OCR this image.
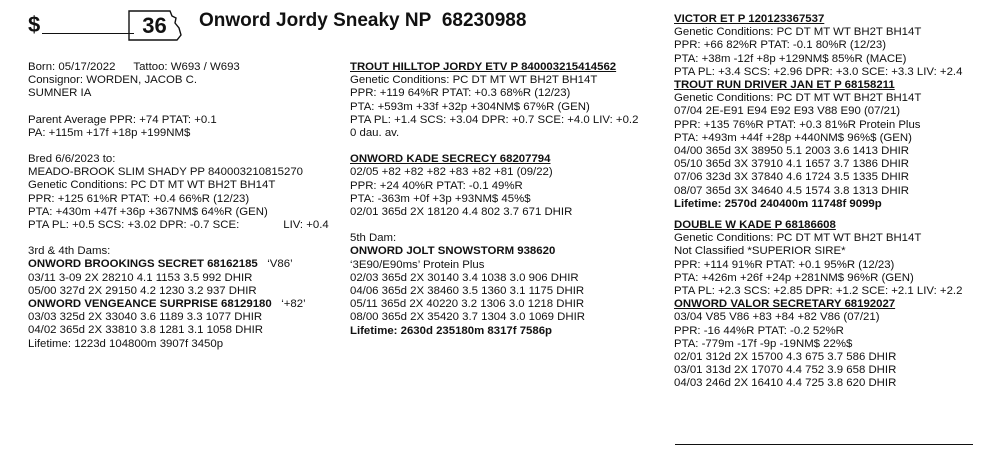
$	36	Onword Jordy Sneaky NP 68230988
Born: 05/17/2022 Tattoo: W693 / W693
Consignor: WORDEN, JACOB C.
SUMNER IA
Parent Average PPR: +74 PTAT: +0.1
PA: +115m +17f +18p +199NM$
Bred 6/6/2023 to:
MEADO-BROOK SLIM SHADY PP 840003210815270
Genetic Conditions: PC DT MT WT BH2T BH14T
PPR: +125 61%R PTAT: +0.4 66%R (12/23)
PTA: +430m +47f +36p +367NM$ 64%R (GEN)
PTA PL: +0.5 SCS: +3.02 DPR: -0.7 SCE:	LIV: +0.4
3rd & 4th Dams:
ONWORD BROOKINGS SECRET 68162185 ‘V86’
03/11 3-09 2X 28210 4.1 1153 3.5 992 DHIR
05/00 327d 2X 29150 4.2 1230 3.2 937 DHIR
ONWORD VENGEANCE SURPRISE 68129180 ‘+82’
03/03 325d 2X 33040 3.6 1189 3.3 1077 DHIR
04/02 365d 2X 33810 3.8 1281 3.1 1058 DHIR
Lifetime: 1223d 104800m 3907f 3450p
TROUT HILLTOP JORDY ETV P 840003215414562
Genetic Conditions: PC DT MT WT BH2T BH14T
PPR: +119 64%R PTAT: +0.3 68%R (12/23)
PTA: +593m +33f +32p +304NM$ 67%R (GEN)
PTA PL: +1.4 SCS: +3.04 DPR: +0.7 SCE: +4.0 LIV: +0.2
0 dau. av.
ONWORD KADE SECRECY 68207794
02/05 +82 +82 +82 +83 +82 +81 (09/22)
PPR: +24 40%R PTAT: -0.1 49%R
PTA: -363m +0f +3p +93NM$ 45%$
02/01 365d 2X 18120 4.4 802 3.7 671 DHIR
5th Dam:
ONWORD JOLT SNOWSTORM 938620
‘3E90/E90ms’ Protein Plus
02/03 365d 2X 30140 3.4 1038 3.0 906 DHIR
04/06 365d 2X 38460 3.5 1360 3.1 1175 DHIR
05/11 365d 2X 40220 3.2 1306 3.0 1218 DHIR
08/00 365d 2X 35420 3.7 1304 3.0 1069 DHIR
Lifetime: 2630d 235180m 8317f 7586p
VICTOR ET P 120123367537
Genetic Conditions: PC DT MT WT BH2T BH14T
PPR: +66 82%R PTAT: -0.1 80%R (12/23)
PTA: +38m -12f +8p +129NM$ 85%R (MACE)
PTA PL: +3.4 SCS: +2.96 DPR: +3.0 SCE: +3.3 LIV: +2.4
TROUT RUN DRIVER JAN ET P 68158211
Genetic Conditions: PC DT MT WT BH2T BH14T
07/04 2E-E91 E94 E92 E93 V88 E90 (07/21)
PPR: +135 76%R PTAT: +0.3 81%R Protein Plus
PTA: +493m +44f +28p +440NM$ 96%$ (GEN)
04/00 365d 3X 38950 5.1 2003 3.6 1413 DHIR
05/10 365d 3X 37910 4.1 1657 3.7 1386 DHIR
07/06 323d 3X 37840 4.6 1724 3.5 1335 DHIR
08/07 365d 3X 34640 4.5 1574 3.8 1313 DHIR
Lifetime: 2570d 240400m 11748f 9099p
DOUBLE W KADE P 68186608
Genetic Conditions: PC DT MT WT BH2T BH14T
Not Classified *SUPERIOR SIRE*
PPR: +114 91%R PTAT: +0.1 95%R (12/23)
PTA: +426m +26f +24p +281NM$ 96%R (GEN)
PTA PL: +2.3 SCS: +2.85 DPR: +1.2 SCE: +2.1 LIV: +2.2
ONWORD VALOR SECRETARY 68192027
03/04 V85 V86 +83 +84 +82 V86 (07/21)
PPR: -16 44%R PTAT: -0.2 52%R
PTA: -779m -17f -9p -19NM$ 22%$
02/01 312d 2X 15700 4.3 675 3.7 586 DHIR
03/01 313d 2X 17070 4.4 752 3.9 658 DHIR
04/03 246d 2X 16410 4.4 725 3.8 620 DHIR
